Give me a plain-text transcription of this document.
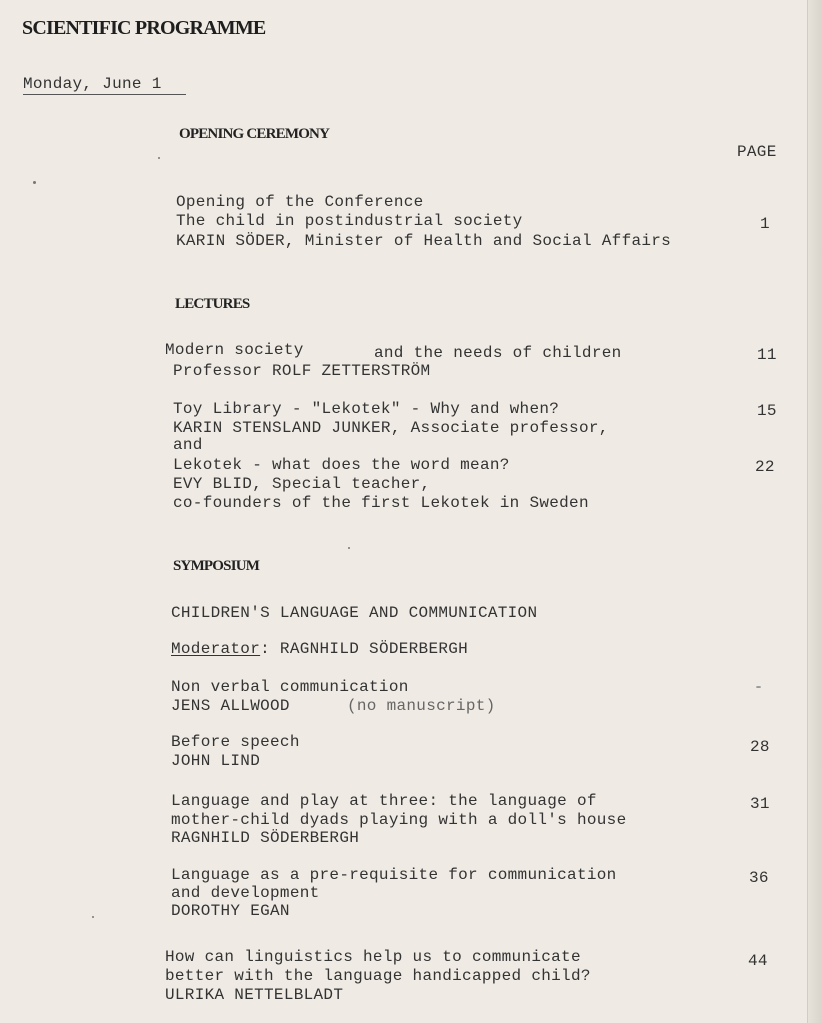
SCIENTIFIC PROGRAMME
Monday, June 1
OPENING CEREMONY
PAGE
Opening of the Conference
The child in postindustrial society
KARIN SÖDER, Minister of Health and Social Affairs
1
LECTURES
Modern society	and the needs of children
Professor ROLF ZETTERSTRÖM
11
Toy Library - "Lekotek" - Why and when?
KARIN STENSLAND JUNKER, Associate professor,
and
15
Lekotek - what does the word mean?
EVY BLID, Special teacher,
co-founders of the first Lekotek in Sweden
22
SYMPOSIUM
CHILDREN'S LANGUAGE AND COMMUNICATION
Moderator: RAGNHILD SÖDERBERGH
Non verbal communication
JENS ALLWOOD	(no manuscript)
Before speech
JOHN LIND
28
Language and play at three: the language of
mother-child dyads playing with a doll's house
RAGNHILD SÖDERBERGH
31
Language as a pre-requisite for communication
and development
DOROTHY EGAN
36
How can linguistics help us to communicate
better with the language handicapped child?
ULRIKA NETTELBLADT
44
